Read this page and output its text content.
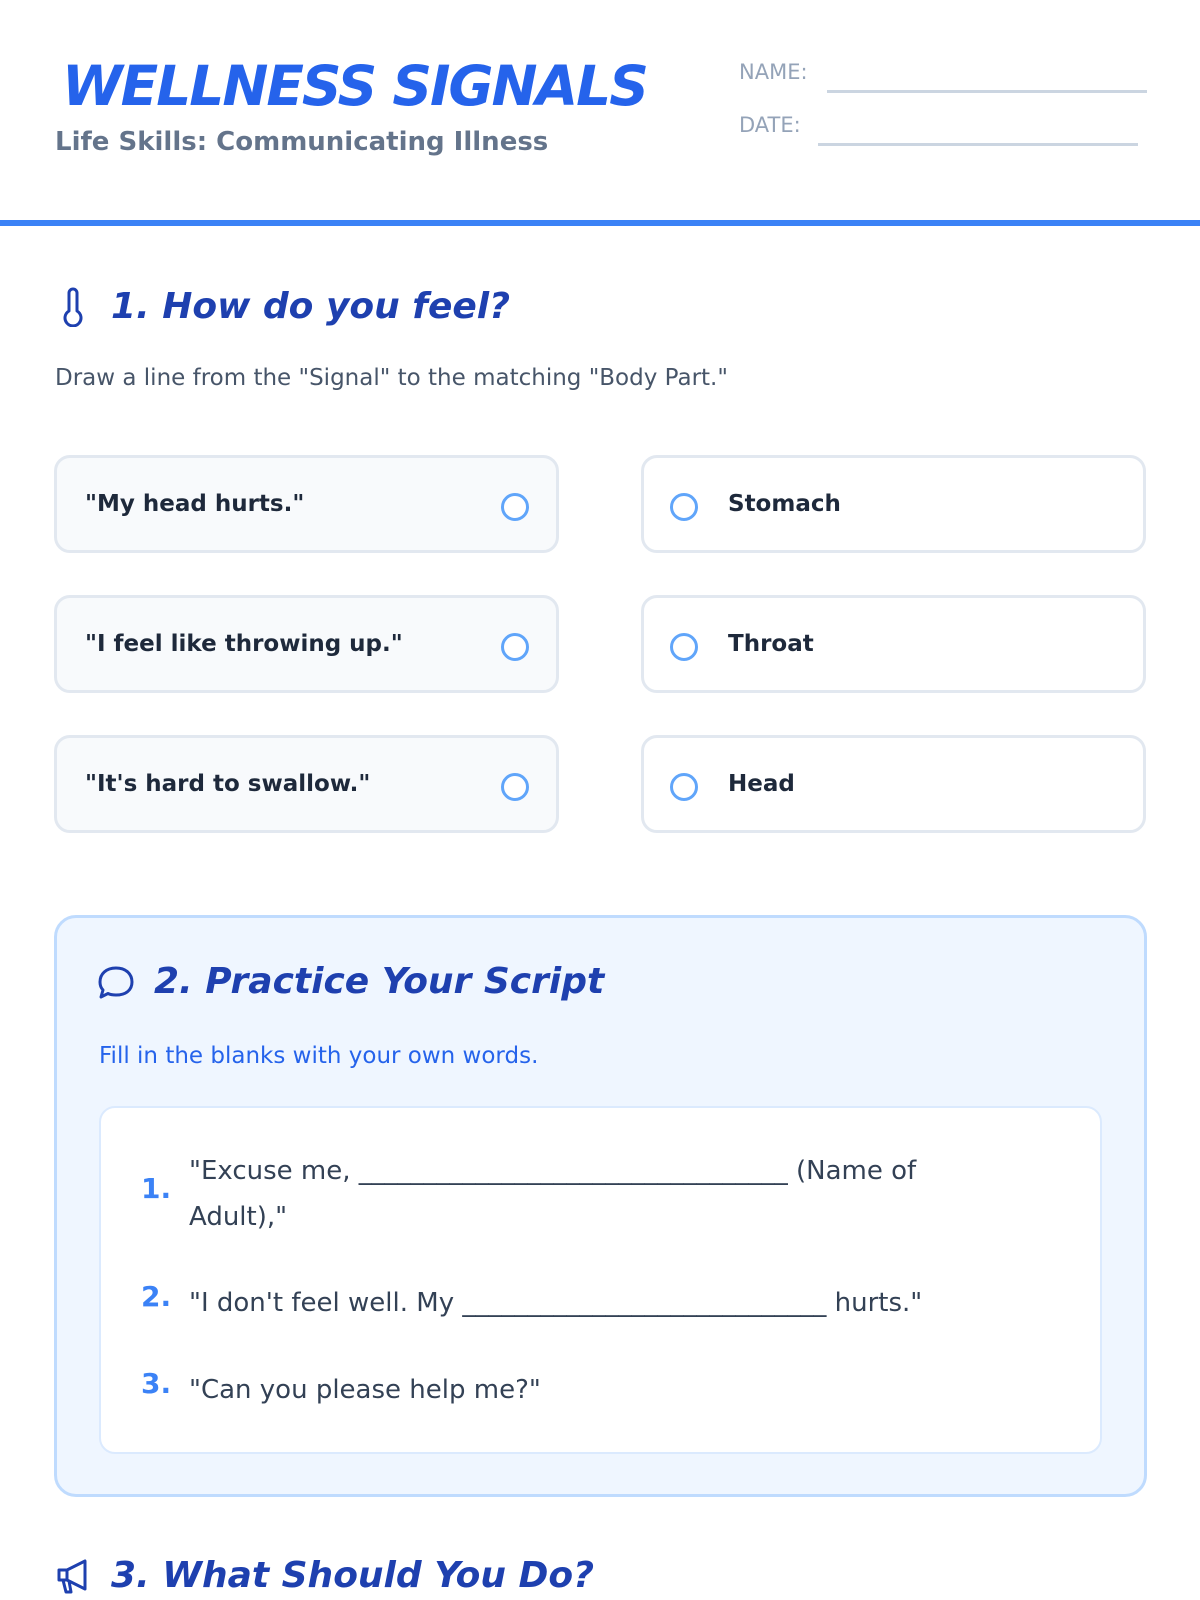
WELLNESS SIGNALS
Life Skills: Communicating Illness
NAME:
DATE:
1. How do you feel?
Draw a line from the "Signal" to the matching "Body Part."
"My head hurts."	Stomach
"I feel like throwing up."	Throat
"It's hard to swallow."	Head
2. Practice Your Script
Fill in the blanks with your own words.
1.
"Excuse me, _________________________________ (Name of
Adult),"
2. "I don't feel well. My ____________________________ hurts."
3. "Can you please help me?"
3. What Should You Do?
